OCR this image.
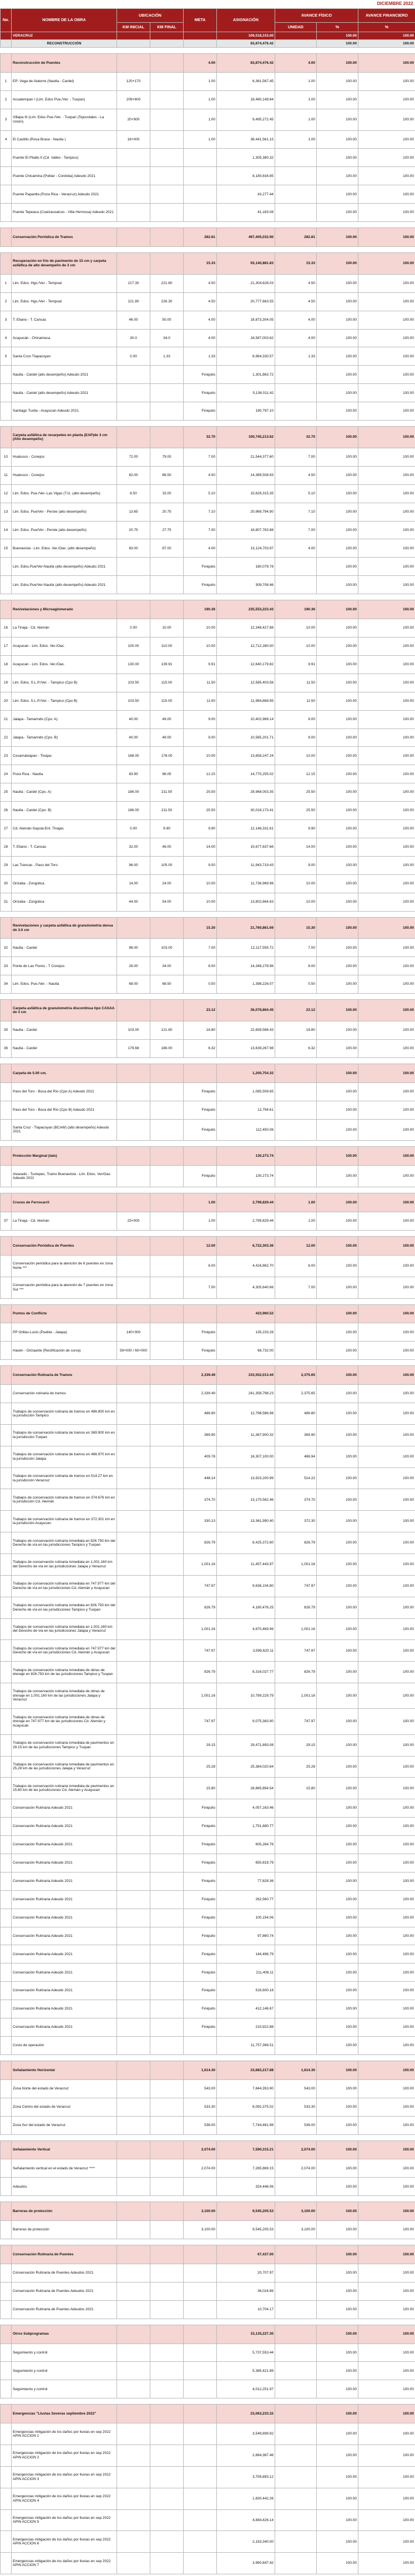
DICIEMBRE 2022								
No.	NOMBRE DE LA OBRA	UBICACIÓN		META	ASIGNACIÓN	AVANCE FÍSICO		AVANCE FINANCIERO
		KM INICIAL	KM FINAL			UNIDAD	%	%
	VERACRUZ				109,518,315.00		100.00	100.00
	RECONSTRUCCIÓN				83,874,476.42		100.00	100.00

	Reconstrucción de Puentes			4.00	83,874,476.42	4.00	100.00	100.00
1	EP: Vega de Alatorre (Nautla - Cardel)	120+170		1.00	6,361,567.45	1.00	100.00	100.00
2	Acuatempan I (Lim. Edos Pue./Ver. - Tuxpan)	209+600		1.00	18,480,149.84	1.00	100.00	100.00
3	Villapa III (Lim. Edos Pue./Ver. - Tuxpan (Tejocotales - La Unión)	20+900		1.00	9,495,272.45	1.00	100.00	100.00
4	El Castillo (Rosa Brava - Nautla )	18+000		1.00	38,441,561.15	1.00	100.00	100.00
	Puente El Pitallo II (Cd. Valles - Tampico)				1,305,380.32		100.00	100.00
	Puente Chicamina (Poblar - Cordoba) Adeudo 2021				8,180,834.85		100.00	100.00
	Puente Papantla (Poza Rica - Veracruz) Adeudo 2021				43,277.44		100.00	100.00
	Puente Tepeaca (Coatzacoalcos - Villa Hermosa) Adeudo 2021				41,183.08		100.00	100.00

	Conservación Periódica de Tramos			282.81	497,405,032.90	282.81	100.00	100.00

	Recuperación en frío de pavimento de 15 cm y carpeta asfáltica de alto desempeño de 3 cm			15.33	93,140,881.83	15.33	100.00	100.00
1	Lim. Edos. Hgo./Ver - Tempoal	217.30	221.80	4.50	21,304,628.03	4.50	100.00	100.00
2	Lim. Edos. Hgo./Ver - Tempoal	221.80	226.30	4.50	20,777,663.55	4.50	100.00	100.00
3	T. Ebano - T. Cansas	46.00	50.00	4.00	18,873,304.05	4.00	100.00	100.00
4	Acayucán - Chinameca	30.0	34.0	4.00	18,587,003.62	4.00	100.00	100.00
5	Santa Cruz-Tlapacoyan	0.00	1.33	1.33	6,964,330.57	1.33	100.00	100.00
	Nautla - Cardel (alto desempeño) Adeudo 2021			Finiquito	1,301,863.72		100.00	100.00
	Nautla - Cardel (alto desempeño) Adeudo 2021			Finiquito	5,138,011.42		100.00	100.00
	Santiago Tuxtla - Acayucan Adeudo 2021			Finiquito	190,797.10		100.00	100.00

	Carpeta asfáltica de recarpeteo en planta (EAP)de 3 cm (Alto desempeño)			32.70	100,745,213.62	32.70	100.00	100.00
10	Huatusco - Conejos	72.00	79.00	7.00	21,544,377.60	7.00	100.00	100.00
11	Huatusco - Conejos	82.00	86.50	4.50	14,389,508.93	4.50	100.00	100.00
12	Lim. Edos. Pue./Ver.-Las Vigas (T.Iz. (alto desempeño)	8.50	15.00	5.10	15,629,315.35	5.10	100.00	100.00
13	Lim. Edos. Pue/Ver - Perote (alto desempeño)	13.65	20.75	7.10	20,969,794.90	7.10	100.00	100.00
14	Lim. Edos. Pue/Ver - Perote (alto desempeño)	20.75	27.75	7.00	18,807,763.88	7.00	100.00	100.00
15	Buenavista - Lim. Edos. Ver./Oax. (alto desempeño)	83.00	87.00	4.00	13,124,703.97	4.00	100.00	100.00
	Lim. Edos.Pue/Ver-Nautla (alto desempeño) Adeudo 2021			Finiquito	180,079.78		100.00	100.00
	Lim. Edos.Pue/Ver-Nautla (alto desempeño) Adeudo 2021			Finiquito	309,708.46		100.00	100.00

	Renivelaciones y Microaglomerado			190.36	235,553,223.43	190.36	100.00	100.00
16	La Tinaja - Cd. Alemán	0.00	10.00	10.00	12,348,427.88	10.00	100.00	100.00
17	Acayucan - Lim. Edos. Ver./Oax.	100.00	110.00	10.00	12,712,280.00	10.00	100.00	100.00
18	Acayucan - Lim. Edos. Ver./Oax.	130.00	139.91	9.91	12,640,179.82	9.91	100.00	100.00
19	Lim. Edos. S.L.P./Ver. - Tampico (Cpo B)	103.50	115.00	11.50	12,585,403.56	11.50	100.00	100.00
20	Lim. Edos. S.L.P./Ver. - Tampico (Cpo B)	103.50	115.00	11.50	11,984,868.95	11.50	100.00	100.00
21	Jalapa - Tamarindo (Cpo. A)	40.00	49.00	9.00	10,402,969.14	9.00	100.00	100.00
22	Jalapa - Tamarindo (Cpo. B)	40.00	49.00	9.00	10,565,201.71	9.00	100.00	100.00
23	Cosamaloapan - Tinajas	168.00	178.00	10.00	13,658,247.24	10.00	100.00	100.00
24	Poza Rica - Nautla	83.90	96.05	12.15	14,770,255.02	12.15	100.00	100.00
25	Nautla - Cardel (Cpo. A)	186.00	211.50	25.50	28,968,003.35	25.50	100.00	100.00
26	Nautla - Cardel (Cpo. B)	186.00	211.50	25.50	30,018,173.41	25.50	100.00	100.00
27	Cd. Alemán-Sayula-Ent. Tinajas	0.00	9.90	9.90	12,148,331.61	9.90	100.00	100.00
28	T. Ebano - T. Cansas	32.00	46.00	14.00	15,677,637.66	14.00	100.00	100.00
29	Las Trancas - Paso del Toro	96.00	105.00	9.00	11,943,719.43	9.00	100.00	100.00
30	Orizaba - Zongolica	14.00	24.00	10.00	11,736,969.98	10.00	100.00	100.00
31	Orizaba - Zongolica	44.00	54.00	10.00	13,802,664.63	10.00	100.00	100.00

	Renivelaciones y carpeta asfáltica de granulometría densa de 3.0 cm			15.30	21,760,861.69	15.30	100.00	100.00
32	Nautla - Cardel	96.00	103.00	7.00	12,117,555.72	7.00	100.00	100.00
33	Ponte de Las Flores - T Conejos	26.00	34.00	8.00	14,348,278.96	8.00	100.00	100.00
34	Lim. Edos. Pue./Ver. - Nautla	68.00	68.50	0.50	1,398,226.07	0.50	100.00	100.00

	Carpeta asfáltica de granulometría discontinua tipo CASAA de 3 cm			23.12	36,078,864.45	23.12	100.00	100.00
35	Nautla - Cardel	103.00	121.80	18.80	22,659,586.43	18.80	100.00	100.00
36	Nautla - Cardel	179.68	186.00	6.32	13,639,267.98	6.32	100.00	100.00

	Carpeta de 5.00 cm.				1,200,754.32		100.00	100.00
	Paso del Toro - Boca del Río (Cpo A) Adeudo 2021			Finiquito	1,085,509.65		100.00	100.00
	Paso del Toro - Boca del Río (Cpo B) Adeudo 2021			Finiquito	12,794.61		100.00	100.00
	Santa Cruz - Tlapacoyan (BCAW) (alto desempeño) Adeudo 2021			Finiquito	112,450.06		100.00	100.00

	Protección Marginal (talo)				130,273.74		100.00	100.00
	Alvarado - Tuxtepec, Tramo Buenavista - Lim. Edos. Ver/Oax. Adeudo 2021			Finiquito	130,273.74		100.00	100.00

	Cruces de Ferrocarril			1.00	2,799,829.44	1.00	100.00	100.00
37	La Tinaja - Cd. Alemán	23+000		1.00	2,799,829.44	1.00	100.00	100.00

	Conservación Periódica de Puentes			12.00	6,722,303.36	12.00	100.00	100.00
	Conservación periódica para la atención de 6 puentes en zona Norte ***			6.00	4,416,862.70	6.00	100.00	100.00
	Conservación periódica para la atención de 7 puentes en zona Sur ***			7.00	4,305,640.66	7.00	100.00	100.00

	Puntos de Conflicto				423,960.52		100.00	100.00
	PP Orillas-Lucio (Puebla - Jalapa)	140+300		Finiquito	135,233.28		100.00	100.00
	Hasén - Orizaante (Rectificación de curva)	59+000 / 60+000		Finiquito	68,732.00		100.00	100.00

	Conservación Rutinaria de Tramos			2,339.49	233,552,013.44	2,375.65	100.00	100.00
	Conservación rutinaria de tramos			2,339.49	241,358,798.23	2,375.65	100.00	100.00
	Trabajos de conservación rutinaria de tramos en 486.800 km en la jurisdicción Tampico			486.80	12,798,586.98	486.80	100.00	100.00
	Trabajos de conservación rutinaria de tramos en 369.900 km en la jurisdicción Tuxpan			369.90	11,367,900.32	369.90	100.00	100.00
	Trabajos de conservación rutinaria de tramos en 486.970 km en la jurisdicción Jalapa			409.78	16,307,100.00	486.94	100.00	100.00
	Trabajos de conservación rutinaria de tramos en 514.27 km en la jurisdicción Veracruz			448.14	13,923,200.99	514.22	100.00	100.00
	Trabajos de conservación rutinaria de tramos en 374.676 km en la jurisdicción Cd. Alemán			374.70	13,170,562.46	374.70	100.00	100.00
	Trabajos de conservación rutinaria de tramos en 372.301 km en la jurisdicción Acayucan			330.13	13,361,990.40	372.30	100.00	100.00
	Trabajos de conservación rutinaria inmediata en 826.793 km del Derecho de vía en las jurisdicciones Tampico y Tuxpan			826.79	8,425,372.60	826.79	100.00	100.00
	Trabajos de conservación rutinaria inmediata en 1,001.160 km del Derecho de vía en las jurisdicciones Jalapa y Veracruz			1,001.16	11,457,443.97	1,001.16	100.00	100.00
	Trabajos de conservación rutinaria inmediata en 747.977 km del Derecho de vía en las jurisdicciones Cd. Alemán y Acayucan			747.97	9,636,104.80	747.97	100.00	100.00
	Trabajos de conservación rutinaria inmediata en 826.793 km del Derecho de vía en las jurisdicciones Tampico y Tuxpan			826.79	4,180,476.25	826.79	100.00	100.00
	Trabajos de conservación rutinaria inmediata en 1,001.160 km del Derecho de vía en las jurisdicciones Jalapa y Veracruz			1,001.16	4,870,469.96	1,001.16	100.00	100.00
	Trabajos de conservación rutinaria inmediata en 747.977 km del Derecho de vía en las jurisdicciones Cd. Alemán y Acayucan			747.97	3,599,620.11	747.97	100.00	100.00
	Trabajos de conservación rutinaria inmediata de obras de drenaje en 826.793 km de las jurisdicciones Tampico y Tuxpan			826.79	8,316,027.77	826.79	100.00	100.00
	Trabajos de conservación rutinaria inmediata de obras de drenaje en 1,001.160 km de las jurisdicciones Jalapa y Veracruz			1,001.16	10,789,229.79	1,001.16	100.00	100.00
	Trabajos de conservación rutinaria inmediata de obras de drenaje en 747.977 km de las jurisdicciones Cd. Alemán y Acayucan			747.97	9,075,383.90	747.97	100.00	100.00
	Trabajos de conservación rutinaria inmediata de pavimentos en 29.15 km de las jurisdicciones Tampico y Tuxpan			29.15	29,471,893.08	29.15	100.00	100.00
	Trabajos de conservación rutinaria inmediata de pavimentos en 25.28 km de las jurisdicciones Jalapa y Veracruz			25.28	25,384,020.64	25.28	100.00	100.00
	Trabajos de conservación rutinaria inmediata de pavimentos en 15.80 km de las jurisdicciones Cd. Alemán y Acayucan			15.80	28,865,894.54	15.80	100.00	100.00
	Conservación Rutinaria Adeudo 2021			Finiquito	4,057,163.46		100.00	100.00
	Conservación Rutinaria Adeudo 2021			Finiquito	1,751,680.77		100.00	100.00
	Conservación Rutinaria Adeudo 2021			Finiquito	605,284.76		100.00	100.00
	Conservación Rutinaria Adeudo 2021			Finiquito	650,818.79		100.00	100.00
	Conservación Rutinaria Adeudo 2021			Finiquito	77,828.36		100.00	100.00
	Conservación Rutinaria Adeudo 2021			Finiquito	262,560.77		100.00	100.00
	Conservación Rutinaria Adeudo 2021			Finiquito	100,154.06		100.00	100.00
	Conservación Rutinaria Adeudo 2021			Finiquito	97,860.74		100.00	100.00
	Conservación Rutinaria Adeudo 2021			Finiquito	144,496.79		100.00	100.00
	Conservación Rutinaria Adeudo 2021			Finiquito	211,408.11		100.00	100.00
	Conservación Rutinaria Adeudo 2021			Finiquito	516,600.18		100.00	100.00
	Conservación Rutinaria Adeudo 2021			Finiquito	412,146.67		100.00	100.00
	Conservación Rutinaria Adeudo 2021			Finiquito	210,922.88		100.00	100.00
	Costo de operación				11,757,366.51		100.00	100.00

	Señalamiento Horizontal			1,614.30	23,683,217.88	1,614.30	100.00	100.00
	Zona Norte del estado de Veracruz			543.00	7,844,353.90	543.00	100.00	100.00
	Zona Centro del estado de Veracruz			533.30	8,092,375.02	533.30	100.00	100.00
	Zona Sur del estado de Veracruz			538.00	7,744,481.98	538.00	100.00	100.00

	Señalamiento Vertical			2,074.00	7,590,315.21	2,074.00	100.00	100.00
	Señalamiento vertical en el estado de Veracruz ****			2,074.00	7,265,869.15	2,074.00	100.00	100.00
	Adeudos				324,446.06		100.00	100.00

	Barreras de protección			3,100.00	9,545,205.53	3,100.00	100.00	100.00
	Barreras de protección			3,100.00	9,545,205.53	3,100.00	100.00	100.00

	Conservación Rutinaria de Puentes				67,437.00		100.00	100.00
	Conservación Rutinaria de Puentes Adeudos 2021				20,707.97		100.00	100.00
	Conservación Rutinaria de Puentes Adeudos 2021				36,024.86		100.00	100.00
	Conservación Rutinaria de Puentes Adeudos 2021				10,704.17		100.00	100.00

	Otros Subprogramas				15,135,227.30		100.00	100.00
	Seguimiento y control				5,737,553.44		100.00	100.00
	Seguimiento y control				5,385,421.89		100.00	100.00
	Seguimiento y control				4,012,251.97		100.00	100.00

	Emergencias "Lluvias Severas septiembre 2022"				23,063,233.32		100.00	100.00
	Emergencias mitigación de los daños por lluvias en sep 2022 APIN ACCION 1				3,549,899.92		100.00	100.00
	Emergencias mitigación de los daños por lluvias en sep 2022 APIN ACCION 2				2,884,387.46		100.00	100.00
	Emergencias mitigación de los daños por lluvias en sep 2022 APIN ACCION 3				3,759,893.12		100.00	100.00
	Emergencias mitigación de los daños por lluvias en sep 2022 APIN ACCION 4				1,830,442.26		100.00	100.00
	Emergencias mitigación de los daños por lluvias en sep 2022 APIN ACCION 5				4,884,426.14		100.00	100.00
	Emergencias mitigación de los daños por lluvias en sep 2022 APIN ACCION 6				2,193,340.00		100.00	100.00
	Emergencias mitigación de los daños por lluvias en sep 2022 APIN ACCION 7				3,960,847.42		100.00	100.00
